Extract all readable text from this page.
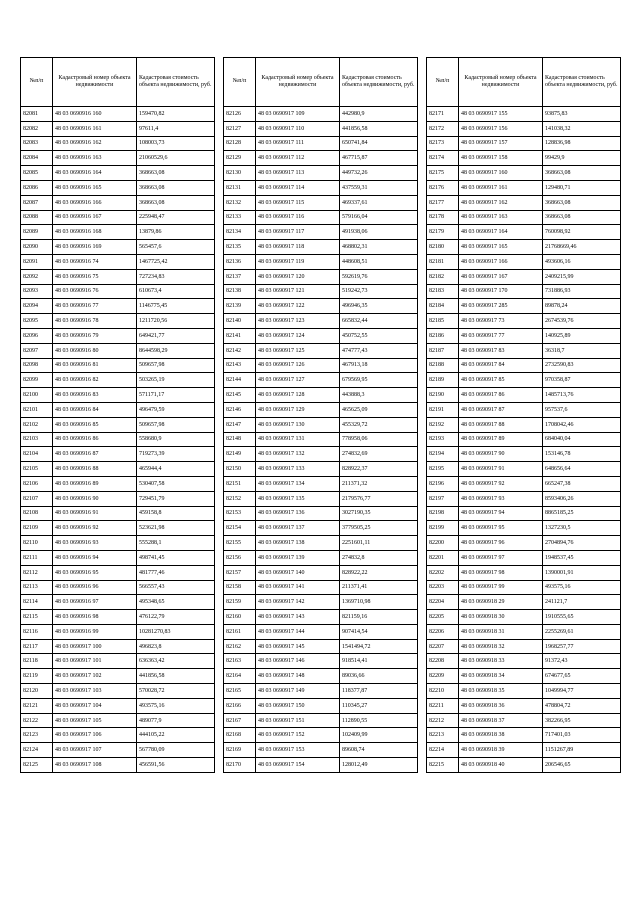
№п/п	Кадастровый номер объекта недвижимости	Кадастровая стоимость объекта недвижимости, руб.
82081	48 03 0690916 160	159470,82
82082	48 03 0690916 161	97611,4
82083	48 03 0690916 162	108003,73
82084	48 03 0690916 163	21060529,6
82085	48 03 0690916 164	368663,08
82086	48 03 0690916 165	368663,08
82087	48 03 0690916 166	368663,08
82088	48 03 0690916 167	225948,47
82089	48 03 0690916 168	13879,86
82090	48 03 0690916 169	565457,6
82091	48 03 0690916 74	1467725,42
82092	48 03 0690916 75	727234,83
82093	48 03 0690916 76	610673,4
82094	48 03 0690916 77	1146775,45
82095	48 03 0690916 78	1211720,56
82096	48 03 0690916 79	649421,77
82097	48 03 0690916 80	8644598,29
82098	48 03 0690916 81	509657,98
82099	48 03 0690916 82	503265,19
82100	48 03 0690916 83	571171,17
82101	48 03 0690916 84	496479,59
82102	48 03 0690916 85	509657,98
82103	48 03 0690916 86	558680,9
82104	48 03 0690916 87	719273,39
82105	48 03 0690916 88	465944,4
82106	48 03 0690916 89	530407,58
82107	48 03 0690916 90	729451,79
82108	48 03 0690916 91	459158,8
82109	48 03 0690916 92	523621,98
82110	48 03 0690916 93	555288,1
82111	48 03 0690916 94	498741,45
82112	48 03 0690916 95	481777,46
82113	48 03 0690916 96	566557,43
82114	48 03 0690916 97	495348,65
82115	48 03 0690916 98	476122,79
82116	48 03 0690916 99	10281270,83
82117	48 03 0690917 100	496823,8
82118	48 03 0690917 101	636363,42
82119	48 03 0690917 102	441856,58
82120	48 03 0690917 103	570028,72
82121	48 03 0690917 104	493575,16
82122	48 03 0690917 105	489077,9
82123	48 03 0690917 106	444105,22
82124	48 03 0690917 107	567780,09
82125	48 03 0690917 108	456591,56
№п/п	Кадастровый номер объекта недвижимости	Кадастровая стоимость объекта недвижимости, руб.
82126	48 03 0690917 109	442980,9
82127	48 03 0690917 110	441856,58
82128	48 03 0690917 111	650741,84
82129	48 03 0690917 112	467715,87
82130	48 03 0690917 113	449732,26
82131	48 03 0690917 114	437559,31
82132	48 03 0690917 115	469337,61
82133	48 03 0690917 116	579166,04
82134	48 03 0690917 117	491938,06
82135	48 03 0690917 118	468802,31
82136	48 03 0690917 119	448608,51
82137	48 03 0690917 120	592619,76
82138	48 03 0690917 121	519242,73
82139	48 03 0690917 122	496946,35
82140	48 03 0690917 123	665832,44
82141	48 03 0690917 124	450752,55
82142	48 03 0690917 125	474777,43
82143	48 03 0690917 126	467913,18
82144	48 03 0690917 127	679569,95
82145	48 03 0690917 128	443888,3
82146	48 03 0690917 129	465625,09
82147	48 03 0690917 130	455329,72
82148	48 03 0690917 131	778958,06
82149	48 03 0690917 132	274832,69
82150	48 03 0690917 133	828922,37
82151	48 03 0690917 134	211371,32
82152	48 03 0690917 135	2179576,77
82153	48 03 0690917 136	3027190,35
82154	48 03 0690917 137	3779505,25
82155	48 03 0690917 138	2251601,11
82156	48 03 0690917 139	274832,8
82157	48 03 0690917 140	828922,22
82158	48 03 0690917 141	211371,41
82159	48 03 0690917 142	1369710,98
82160	48 03 0690917 143	821159,16
82161	48 03 0690917 144	907414,54
82162	48 03 0690917 145	1541494,72
82163	48 03 0690917 146	918514,41
82164	48 03 0690917 148	89036,66
82165	48 03 0690917 149	118377,87
82166	48 03 0690917 150	110345,27
82167	48 03 0690917 151	112890,55
82168	48 03 0690917 152	102409,99
82169	48 03 0690917 153	89608,74
82170	48 03 0690917 154	128012,49
№п/п	Кадастровый номер объекта недвижимости	Кадастровая стоимость объекта недвижимости, руб.
82171	48 03 0690917 155	93875,83
82172	48 03 0690917 156	141038,32
82173	48 03 0690917 157	128836,98
82174	48 03 0690917 158	99429,9
82175	48 03 0690917 160	368663,08
82176	48 03 0690917 161	129480,71
82177	48 03 0690917 162	368663,08
82178	48 03 0690917 163	368663,08
82179	48 03 0690917 164	760098,92
82180	48 03 0690917 165	21768669,46
82181	48 03 0690917 166	493606,16
82182	48 03 0690917 167	2409215,99
82183	48 03 0690917 170	731886,93
82184	48 03 0690917 285	89878,24
82185	48 03 0690917 73	2674539,76
82186	48 03 0690917 77	140925,89
82187	48 03 0690917 83	36318,7
82188	48 03 0690917 84	2732590,83
82189	48 03 0690917 85	970358,87
82190	48 03 0690917 86	1485713,76
82191	48 03 0690917 87	957537,6
82192	48 03 0690917 88	1708042,46
82193	48 03 0690917 89	684040,04
82194	48 03 0690917 90	153146,78
82195	48 03 0690917 91	648656,64
82196	48 03 0690917 92	665247,38
82197	48 03 0690917 93	8593406,26
82198	48 03 0690917 94	8865185,25
82199	48 03 0690917 95	1327230,5
82200	48 03 0690917 96	2704894,76
82201	48 03 0690917 97	1948537,45
82202	48 03 0690917 98	1390001,91
82203	48 03 0690917 99	493575,16
82204	48 03 0690918 29	241121,7
82205	48 03 0690918 30	1910555,65
82206	48 03 0690918 31	2255269,61
82207	48 03 0690918 32	1968257,77
82208	48 03 0690918 33	91372,43
82209	48 03 0690918 34	674677,65
82210	48 03 0690918 35	1049994,77
82211	48 03 0690918 36	478804,72
82212	48 03 0690918 37	382266,95
82213	48 03 0690918 38	717401,03
82214	48 03 0690918 39	1151267,89
82215	48 03 0690918 40	206546,65
